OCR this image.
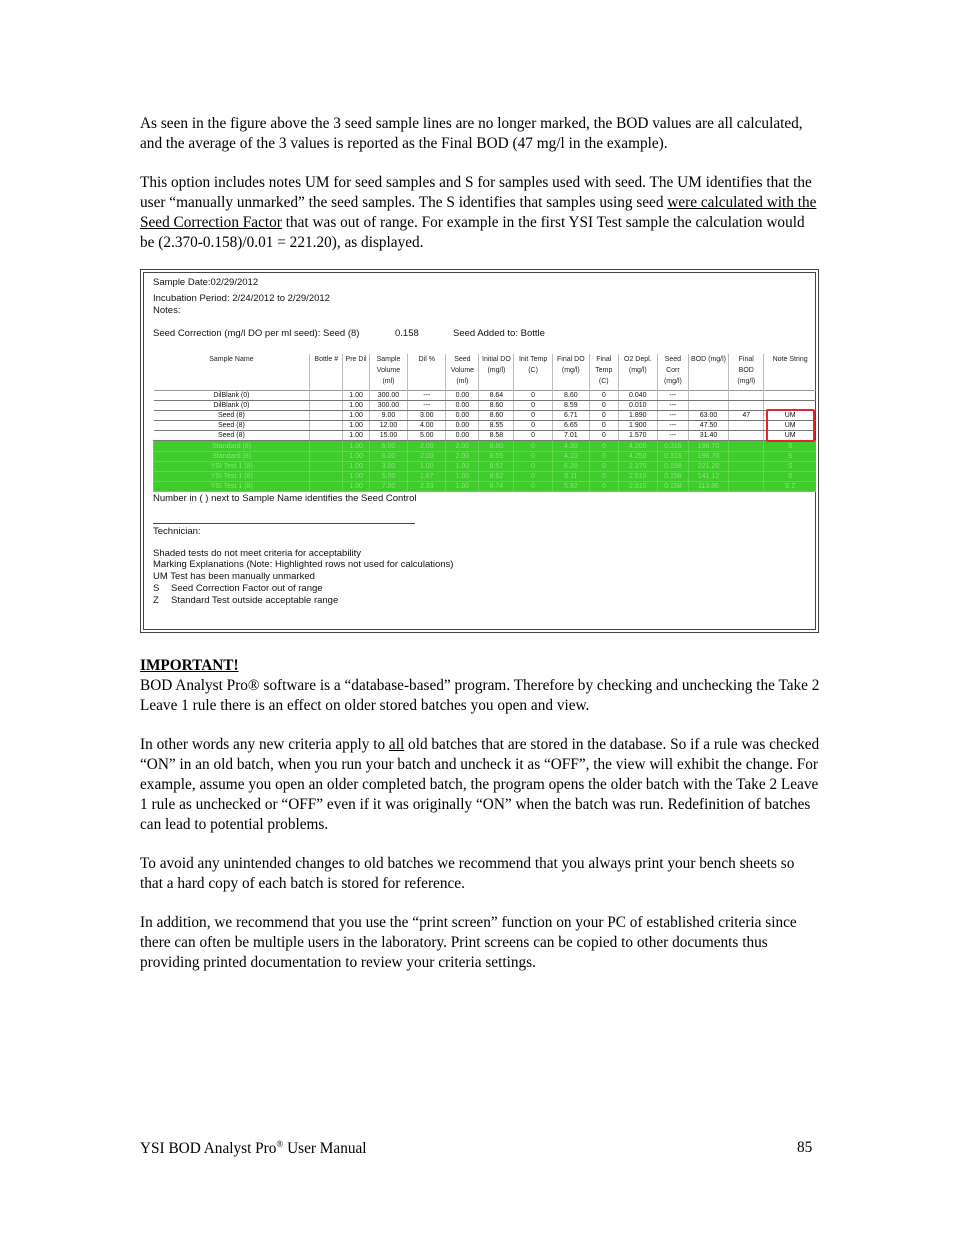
As seen in the figure above the 3 seed sample lines are no longer marked, the BOD values are all calculated, and the average of the 3 values is reported as the Final BOD (47 mg/l in the example).
This option includes notes UM for seed samples and S for samples used with seed. The UM identifies that the user “manually unmarked” the seed samples. The S identifies that samples using seed were calculated with the Seed Correction Factor that was out of range. For example in the first YSI Test sample the calculation would be (2.370-0.158)/0.01 = 221.20), as displayed.
Sample Date:02/29/2012
Incubation Period: 2/24/2012 to 2/29/2012
Notes:
Seed Correction (mg/l DO per ml seed): Seed (8)	0.158	Seed Added to: Bottle
Sample Name	Bottle #	Pre Dil	Sample Volume (ml)	Dil %	Seed Volume (ml)	Initial DO (mg/l)	Init Temp (C)	Final DO (mg/l)	Final Temp (C)	O2 Depl. (mg/l)	Seed Corr (mg/l)	BOD (mg/l)	Final BOD (mg/l)	Note String
DilBlank (0)		1.00	300.00	---	0.00	8.64	0	8.60	0	0.040	---			
DilBlank (0)		1.00	300.00	---	0.00	8.60	0	8.59	0	0.010	---			
Seed (8)		1.00	9.00	3.00	0.00	8.60	0	6.71	0	1.890	---	63.00	47	UM
Seed (8)		1.00	12.00	4.00	0.00	8.55	0	6.65	0	1.900	---	47.50		UM
Seed (8)		1.00	15.00	5.00	0.00	8.58	0	7.01	0	1.570	---	31.40		UM
Standard (8)		1.00	6.00	2.00	2.00	8.60	0	4.30	0	4.200	0.316	198.70		S
Standard (8)		1.00	6.00	2.00	2.00	8.55	0	4.10	0	4.250	0.316	196.70		S
YSI Test 1 (8)		1.00	3.00	1.00	1.00	8.57	0	6.20	0	2.370	0.158	221.20		S
YSI Test 1 (8)		1.00	5.00	1.67	1.00	8.62	0	6.11	0	2.510	0.158	141.12		S
YSI Test 1 (8)		1.00	7.00	2.33	1.00	8.74	0	5.92	0	2.810	0.158	113.86		S Z
Number in ( ) next to Sample Name identifies the Seed Control
Technician:
Shaded tests do not meet criteria for acceptability
Marking Explanations (Note: Highlighted rows not used for calculations)
UM Test has been manually unmarked
S Seed Correction Factor out of range
Z Standard Test outside acceptable range
IMPORTANT!
BOD Analyst Pro® software is a “database-based” program. Therefore by checking and unchecking the Take 2 Leave 1 rule there is an effect on older stored batches you open and view.
In other words any new criteria apply to all old batches that are stored in the database. So if a rule was checked “ON” in an old batch, when you run your batch and uncheck it as “OFF”, the view will exhibit the change. For example, assume you open an older completed batch, the program opens the older batch with the Take 2 Leave 1 rule as unchecked or “OFF” even if it was originally “ON” when the batch was run. Redefinition of batches can lead to potential problems.
To avoid any unintended changes to old batches we recommend that you always print your bench sheets so that a hard copy of each batch is stored for reference.
In addition, we recommend that you use the “print screen” function on your PC of established criteria since there can often be multiple users in the laboratory. Print screens can be copied to other documents thus providing printed documentation to review your criteria settings.
YSI BOD Analyst Pro® User Manual	85
